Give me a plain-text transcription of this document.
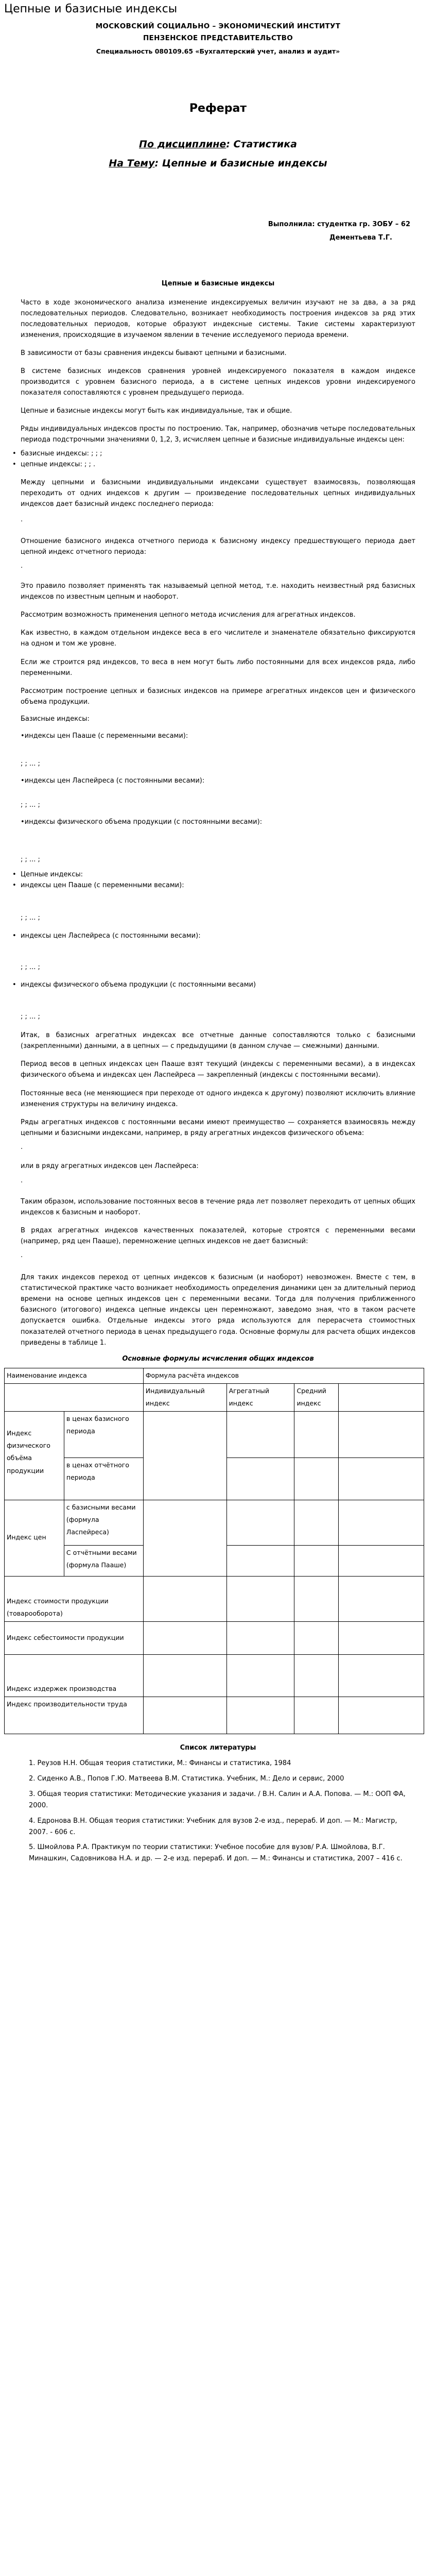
Цепные и базисные индексы
МОСКОВСКИЙ СОЦИАЛЬНО – ЭКОНОМИЧЕСКИЙ ИНСТИТУТ
ПЕНЗЕНСКОЕ ПРЕДСТАВИТЕЛЬСТВО
Специальность 080109.65 «Бухгалтерский учет, анализ и аудит»
Реферат
По дисциплине: Статистика
На Тему: Цепные и базисные индексы
Выполнила: студентка гр. 3ОБУ – 62
Дементьева Т.Г.
Цепные и базисные индексы

Часто в ходе экономического анализа изменение индексируемых величин изучают не за два, а за ряд последовательных периодов. Следовательно, возникает необходимость построения индексов за ряд этих последовательных периодов, которые образуют индексные системы. Такие системы характеризуют изменения, происходящие в изучаемом явлении в течение исследуемого периода времени.

В зависимости от базы сравнения индексы бывают цепными и базисными.

В системе базисных индексов сравнения уровней индексируемого показателя в каждом индексе производится с уровнем базисного периода, а в системе цепных индексов уровни индексируемого показателя сопоставляются с уровнем предыдущего периода.

Цепные и базисные индексы могут быть как индивидуальные, так и общие.

Ряды индивидуальных индексов просты по построению. Так, например, обозначив четыре последовательных периода подстрочными значениями 0, 1,2, 3, исчисляем цепные и базисные индивидуальные индексы цен:

• базисные индексы: ; ; ;
• цепные индексы: ; ; .

Между цепными и базисными индивидуальными индексами существует взаимосвязь, позволяющая переходить от одних индексов к другим — произведение последовательных цепных индивидуальных индексов дает базисный индекс последнего периода:

·

Отношение базисного индекса отчетного периода к базисному индексу предшествующего периода дает цепной индекс отчетного периода:

·

Это правило позволяет применять так называемый цепной метод, т.е. находить неизвестный ряд базисных индексов по известным цепным и наоборот.

Рассмотрим возможность применения цепного метода исчисления для агрегатных индексов.

Как известно, в каждом отдельном индексе веса в его числителе и знаменателе обязательно фиксируются на одном и том же уровне.

Если же строится ряд индексов, то веса в нем могут быть либо постоянными для всех индексов ряда, либо переменными.

Рассмотрим построение цепных и базисных индексов на примере агрегатных индексов цен и физического объема продукции.

Базисные индексы:
•индексы цен Пааше (с переменными весами):
; ; ... ;
•индексы цен Ласпейреса (с постоянными весами):
; ; ... ;
•индексы физического объема продукции (с постоянными весами):
; ; ... ;
• Цепные индексы:
• индексы цен Пааше (с переменными весами):
; ; ... ;
• индексы цен Ласпейреса (с постоянными весами):
; ; ... ;
• индексы физического объема продукции (с постоянными весами)
; ; ... ;

Итак, в базисных агрегатных индексах все отчетные данные сопоставляются только с базисными (закрепленными) данными, а в цепных — с предыдущими (в данном случае — смежными) данными.

Период весов в цепных индексах цен Пааше взят текущий (индексы с переменными весами), а в индексах физического объема и индексах цен Ласпейреса — закрепленный (индексы с постоянными весами).

Постоянные веса (не меняющиеся при переходе от одного индекса к другому) позволяют исключить влияние изменения структуры на величину индекса.

Ряды агрегатных индексов с постоянными весами имеют преимущество — сохраняется взаимосвязь между цепными и базисными индексами, например, в ряду агрегатных индексов физического объема:

·
или в ряду агрегатных индексов цен Ласпейреса:
·

Таким образом, использование постоянных весов в течение ряда лет позволяет переходить от цепных общих индексов к базисным и наоборот.

В рядах агрегатных индексов качественных показателей, которые строятся с переменными весами (например, ряд цен Пааше), перемножение цепных индексов не дает базисный:

·

Для таких индексов переход от цепных индексов к базисным (и наоборот) невозможен. Вместе с тем, в статистической практике часто возникает необходимость определения динамики цен за длительный период времени на основе цепных индексов цен с переменными весами. Тогда для получения приближенного базисного (итогового) индекса цепные индексы цен перемножают, заведомо зная, что в таком расчете допускается ошибка. Отдельные индексы этого ряда используются для перерасчета стоимостных показателей отчетного периода в ценах предыдущего года. Основные формулы для расчета общих индексов приведены в таблице 1.

Основные формулы исчисления общих индексов
Наименование индекса		Формула расчёта индексов			
		Индивидуальный индекс	Агрегатный индекс	Средний индекс	
Индекс физического объёма продукции	в ценах базисного периода				
	в ценах отчётного периода				
Индекс цен	с базисными весами (формула Ласпейреса)				
	С отчётными весами (формула Пааше)				
Индекс стоимости продукции (товарооборота)					
Индекс себестоимости продукции					
Индекс издержек производства					
Индекс производительности труда					
Список литературы
1. Реузов Н.Н. Общая теория статистики, М.: Финансы и статистика, 1984
2. Сиденко А.В., Попов Г.Ю. Матвеева В.М. Статистика. Учебник, М.: Дело и сервис, 2000
3. Общая теория статистики: Методические указания и задачи. / В.Н. Салин и А.А. Попова. — М.: ООП ФА, 2000.
4. Едронова В.Н. Общая теория статистики: Учебник для вузов 2-е изд., перераб. И доп. — М.: Магистр, 2007. - 606 с.
5. Шмойлова Р.А. Практикум по теории статистики: Учебное пособие для вузов/ Р.А. Шмойлова, В.Г. Минашкин, Садовникова Н.А. и др. — 2-е изд. перераб. И доп. — М.: Финансы и статистика, 2007 – 416 с.
